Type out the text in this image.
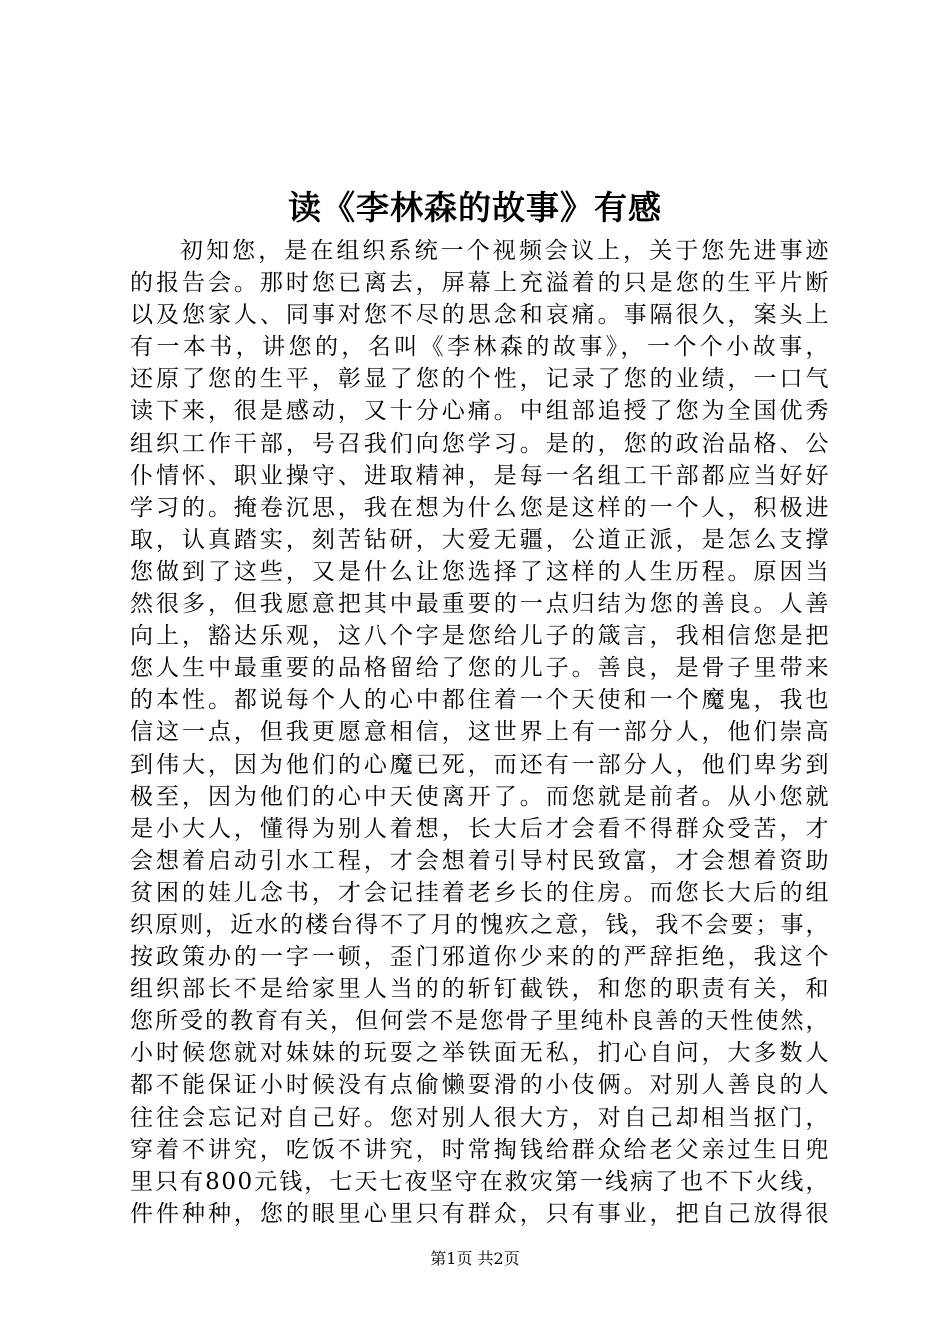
读《李林森的故事》有感
初知您，是在组织系统一个视频会议上，关于您先进事迹
的报告会。那时您已离去，屏幕上充溢着的只是您的生平片断
以及您家人、同事对您不尽的思念和哀痛。事隔很久，案头上
有一本书，讲您的，名叫《李林森的故事》，一个个小故事，
还原了您的生平，彰显了您的个性，记录了您的业绩，一口气
读下来，很是感动，又十分心痛。中组部追授了您为全国优秀
组织工作干部，号召我们向您学习。是的，您的政治品格、公
仆情怀、职业操守、进取精神，是每一名组工干部都应当好好
学习的。掩卷沉思，我在想为什么您是这样的一个人，积极进
取，认真踏实，刻苦钻研，大爱无疆，公道正派，是怎么支撑
您做到了这些，又是什么让您选择了这样的人生历程。原因当
然很多，但我愿意把其中最重要的一点归结为您的善良。人善
向上，豁达乐观，这八个字是您给儿子的箴言，我相信您是把
您人生中最重要的品格留给了您的儿子。善良，是骨子里带来
的本性。都说每个人的心中都住着一个天使和一个魔鬼，我也
信这一点，但我更愿意相信，这世界上有一部分人，他们崇高
到伟大，因为他们的心魔已死，而还有一部分人，他们卑劣到
极至，因为他们的心中天使离开了。而您就是前者。从小您就
是小大人，懂得为别人着想，长大后才会看不得群众受苦，才
会想着启动引水工程，才会想着引导村民致富，才会想着资助
贫困的娃儿念书，才会记挂着老乡长的住房。而您长大后的组
织原则，近水的楼台得不了月的愧疚之意，钱，我不会要；事，
按政策办的一字一顿，歪门邪道你少来的的严辞拒绝，我这个
组织部长不是给家里人当的的斩钉截铁，和您的职责有关，和
您所受的教育有关，但何尝不是您骨子里纯朴良善的天性使然，
小时候您就对妹妹的玩耍之举铁面无私，扪心自问，大多数人
都不能保证小时候没有点偷懒耍滑的小伎俩。对别人善良的人
往往会忘记对自己好。您对别人很大方，对自己却相当抠门，
穿着不讲究，吃饭不讲究，时常掏钱给群众给老父亲过生日兜
里只有800元钱，七天七夜坚守在救灾第一线病了也不下火线，
件件种种，您的眼里心里只有群众，只有事业，把自己放得很
第1页 共2页
